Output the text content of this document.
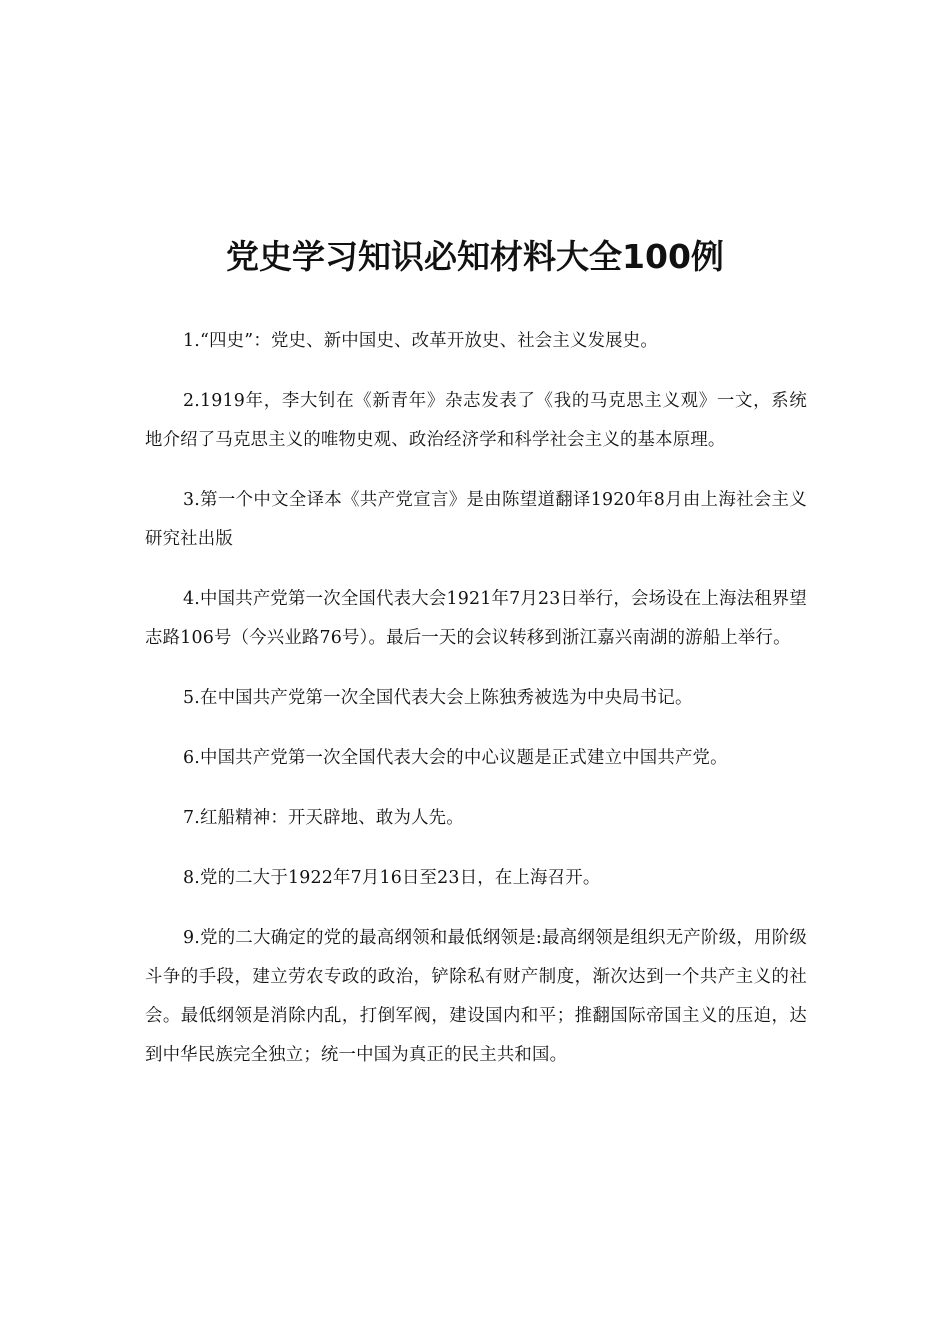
党史学习知识必知材料大全100例

1.“四史”：党史、新中国史、改革开放史、社会主义发展史。

2.1919年，李大钊在《新青年》杂志发表了《我的马克思主义观》一文，系统地介绍了马克思主义的唯物史观、政治经济学和科学社会主义的基本原理。

3.第一个中文全译本《共产党宣言》是由陈望道翻译1920年8月由上海社会主义研究社出版

4.中国共产党第一次全国代表大会1921年7月23日举行，会场设在上海法租界望志路106号（今兴业路76号）。最后一天的会议转移到浙江嘉兴南湖的游船上举行。

5.在中国共产党第一次全国代表大会上陈独秀被选为中央局书记。

6.中国共产党第一次全国代表大会的中心议题是正式建立中国共产党。

7.红船精神：开天辟地、敢为人先。

8.党的二大于1922年7月16日至23日，在上海召开。

9.党的二大确定的党的最高纲领和最低纲领是:最高纲领是组织无产阶级，用阶级斗争的手段，建立劳农专政的政治，铲除私有财产制度，渐次达到一个共产主义的社会。最低纲领是消除内乱，打倒军阀，建设国内和平；推翻国际帝国主义的压迫，达到中华民族完全独立；统一中国为真正的民主共和国。
